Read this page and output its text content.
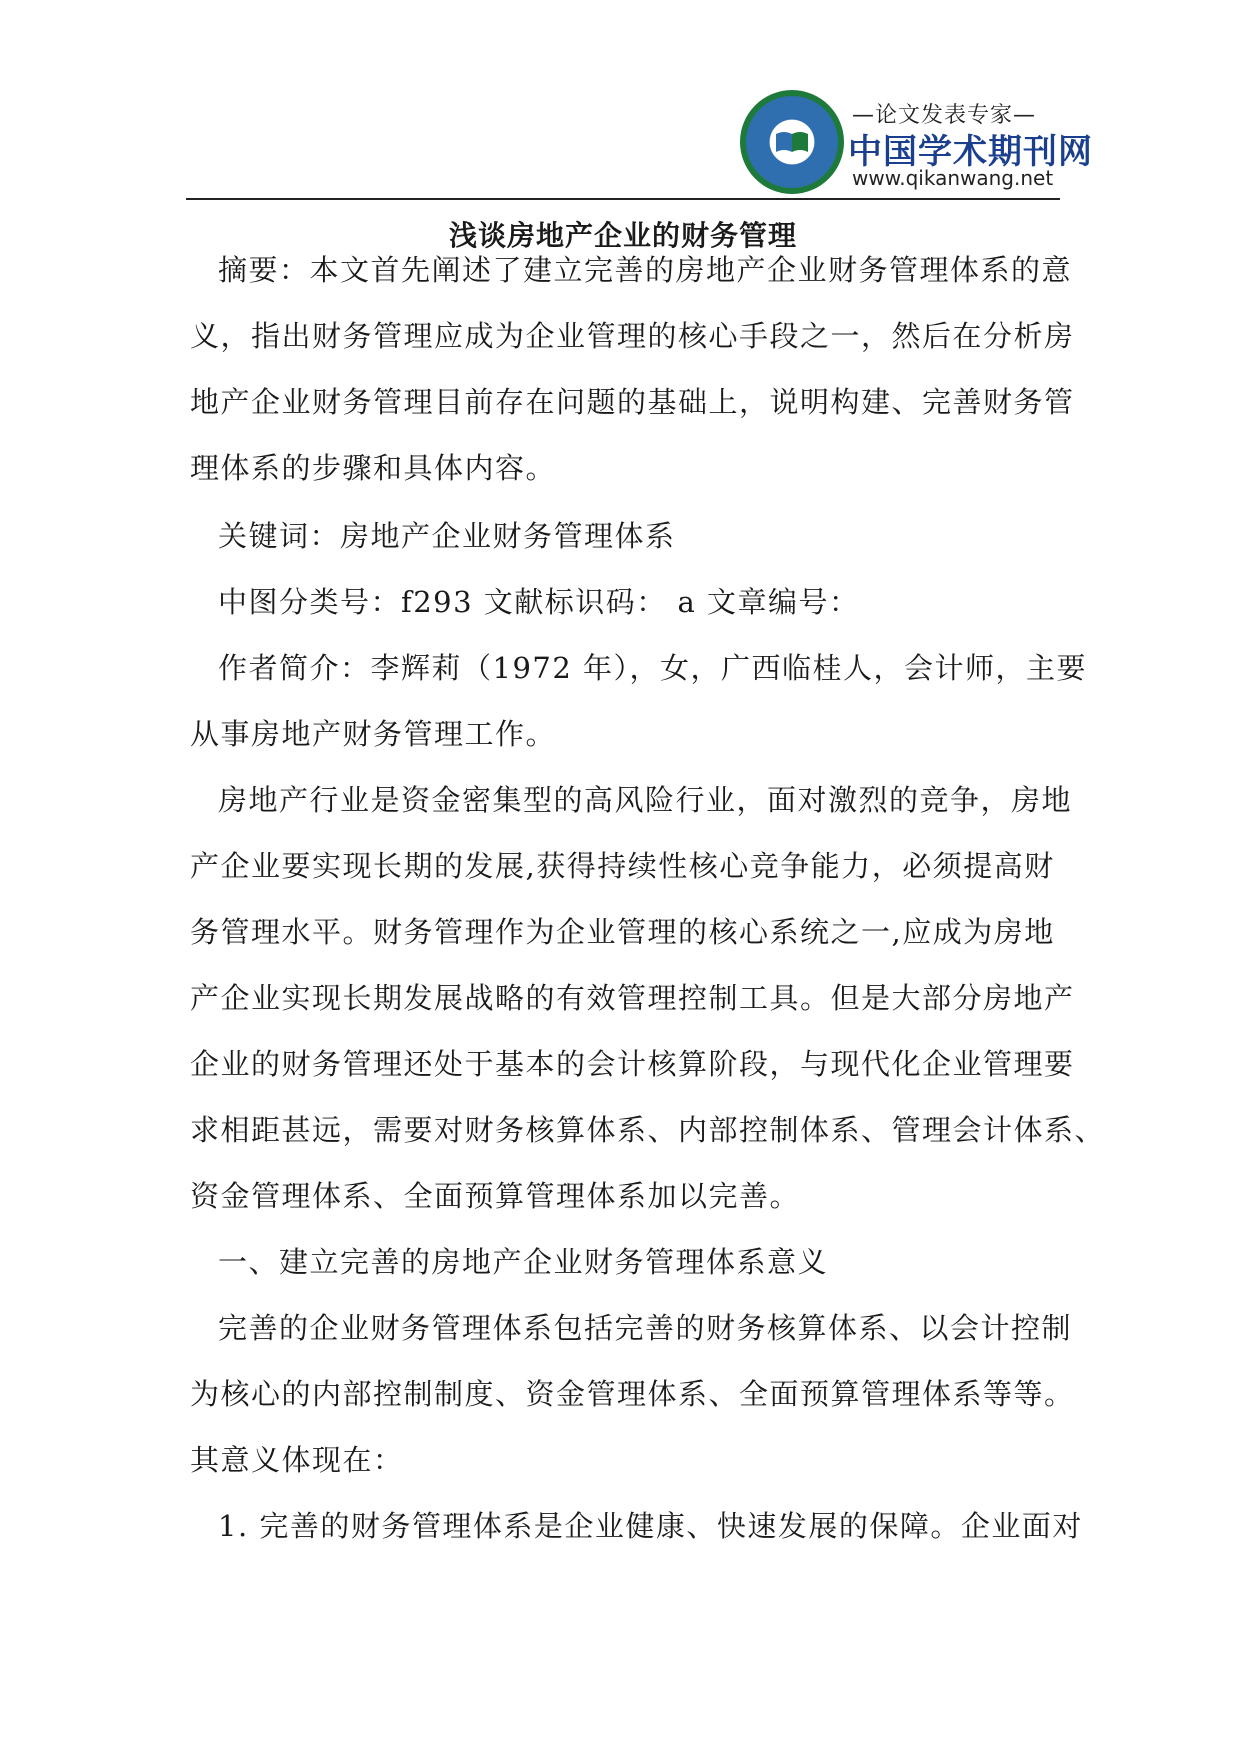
—论文发表专家—
中国学术期刊网
www.qikanwang.net
浅谈房地产企业的财务管理

摘要：本文首先阐述了建立完善的房地产企业财务管理体系的意
义，指出财务管理应成为企业管理的核心手段之一，然后在分析房
地产企业财务管理目前存在问题的基础上，说明构建、完善财务管
理体系的步骤和具体内容。

关键词：房地产企业财务管理体系

中图分类号：f293 文献标识码： a 文章编号：

作者简介：李辉莉（1972 年），女，广西临桂人，会计师，主要
从事房地产财务管理工作。

房地产行业是资金密集型的高风险行业，面对激烈的竞争，房地
产企业要实现长期的发展,获得持续性核心竞争能力，必须提高财
务管理水平。财务管理作为企业管理的核心系统之一,应成为房地
产企业实现长期发展战略的有效管理控制工具。但是大部分房地产
企业的财务管理还处于基本的会计核算阶段，与现代化企业管理要
求相距甚远，需要对财务核算体系、内部控制体系、管理会计体系、
资金管理体系、全面预算管理体系加以完善。

一、建立完善的房地产企业财务管理体系意义

完善的企业财务管理体系包括完善的财务核算体系、以会计控制
为核心的内部控制制度、资金管理体系、全面预算管理体系等等。
其意义体现在：

1. 完善的财务管理体系是企业健康、快速发展的保障。企业面对
